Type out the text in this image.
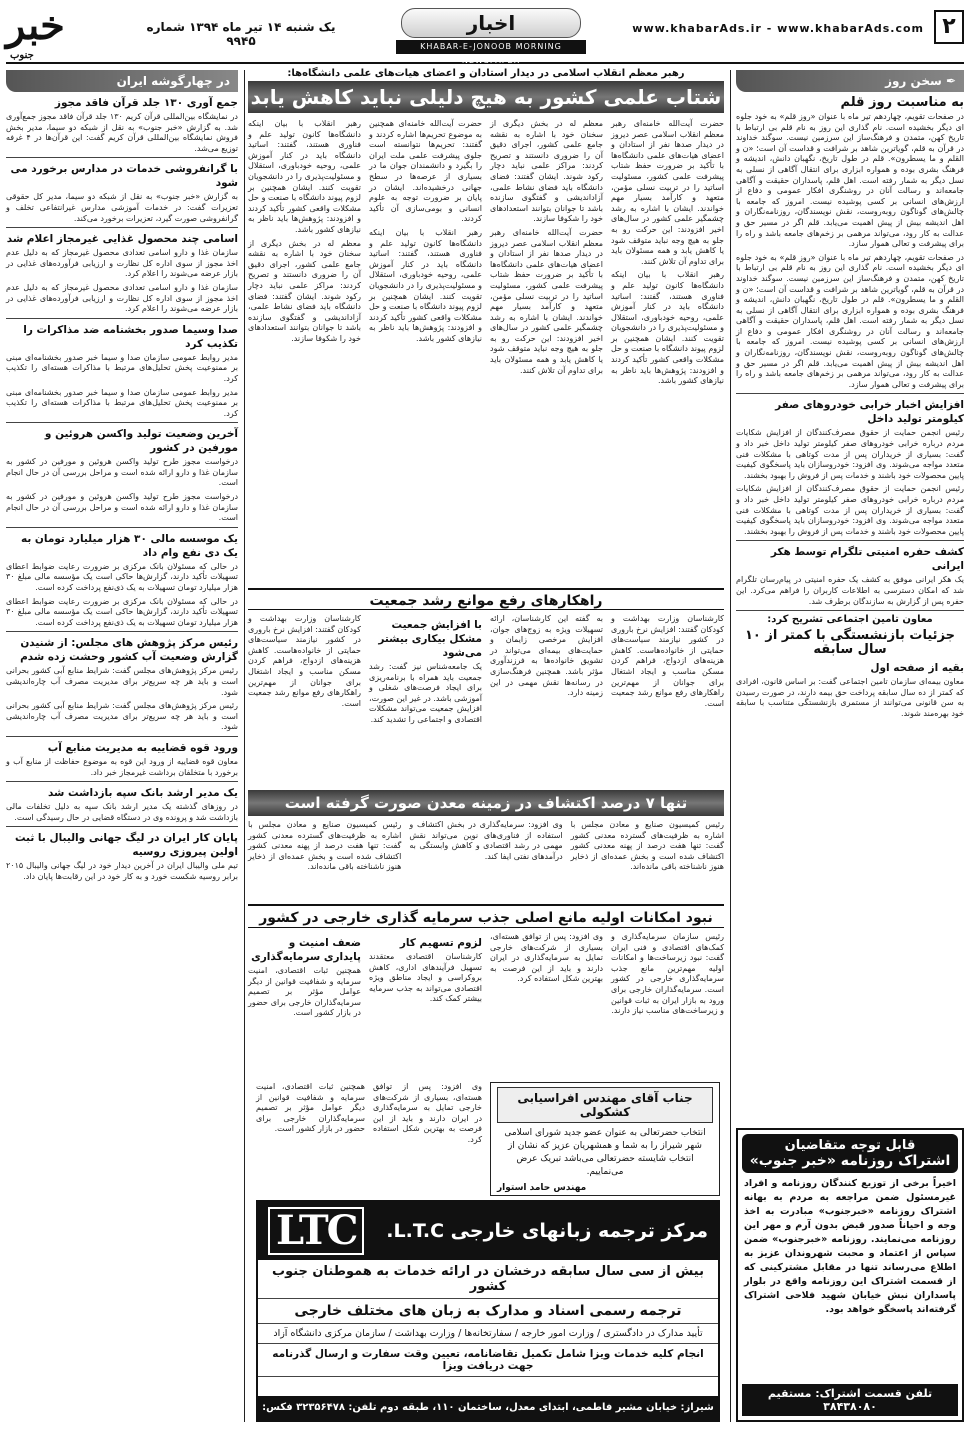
خبر
جنوب
یک شنبه ۱۴ تیر ماه ۱۳۹۴ شماره ۹۹۴۵
اخبار
KHABAR-E-JONOOB MORNING NEWSPAPER
www.khabarAds.ir - www.khabarAds.com ۲
✒ سخن روز
به مناسبت روز قلم

در صفحات تقویم، چهاردهم تیر ماه با عنوان «روز قلم» به خود جلوه ای دیگر بخشیده است. نام گذاری این روز به نام قلم بی ارتباط با تاریخ کهن، متمدن و فرهنگ‌ساز این سرزمین نیست. سوگند خداوند در قرآن به قلم، گویاترین شاهد بر شرافت و قداست آن است؛ «ن و القلم و ما یسطرون». قلم در طول تاریخ، نگهبان دانش، اندیشه و فرهنگ بشری بوده و همواره ابزاری برای انتقال آگاهی از نسلی به نسل دیگر به شمار رفته است. اهل قلم، پاسداران حقیقت و آگاهی جامعه‌اند و رسالت آنان در روشنگری افکار عمومی و دفاع از ارزش‌های انسانی بر کسی پوشیده نیست. امروز که جامعه با چالش‌های گوناگون روبه‌روست، نقش نویسندگان، روزنامه‌نگاران و اهل اندیشه بیش از پیش اهمیت می‌یابد. قلم اگر در مسیر حق و عدالت به کار رود، می‌تواند مرهمی بر زخم‌های جامعه باشد و راه را برای پیشرفت و تعالی هموار سازد.

در صفحات تقویم، چهاردهم تیر ماه با عنوان «روز قلم» به خود جلوه ای دیگر بخشیده است. نام گذاری این روز به نام قلم بی ارتباط با تاریخ کهن، متمدن و فرهنگ‌ساز این سرزمین نیست. سوگند خداوند در قرآن به قلم، گویاترین شاهد بر شرافت و قداست آن است؛ «ن و القلم و ما یسطرون». قلم در طول تاریخ، نگهبان دانش، اندیشه و فرهنگ بشری بوده و همواره ابزاری برای انتقال آگاهی از نسلی به نسل دیگر به شمار رفته است. اهل قلم، پاسداران حقیقت و آگاهی جامعه‌اند و رسالت آنان در روشنگری افکار عمومی و دفاع از ارزش‌های انسانی بر کسی پوشیده نیست. امروز که جامعه با چالش‌های گوناگون روبه‌روست، نقش نویسندگان، روزنامه‌نگاران و اهل اندیشه بیش از پیش اهمیت می‌یابد. قلم اگر در مسیر حق و عدالت به کار رود، می‌تواند مرهمی بر زخم‌های جامعه باشد و راه را برای پیشرفت و تعالی هموار سازد.

افزایش اخبار خرابی خودروهای صفر کیلومتر تولید داخل

رئیس انجمن حمایت از حقوق مصرف‌کنندگان از افزایش شکایات مردم درباره خرابی خودروهای صفر کیلومتر تولید داخل خبر داد و گفت: بسیاری از خریداران پس از مدت کوتاهی با مشکلات فنی متعدد مواجه می‌شوند. وی افزود: خودروسازان باید پاسخگوی کیفیت پایین محصولات خود باشند و خدمات پس از فروش را بهبود بخشند.

رئیس انجمن حمایت از حقوق مصرف‌کنندگان از افزایش شکایات مردم درباره خرابی خودروهای صفر کیلومتر تولید داخل خبر داد و گفت: بسیاری از خریداران پس از مدت کوتاهی با مشکلات فنی متعدد مواجه می‌شوند. وی افزود: خودروسازان باید پاسخگوی کیفیت پایین محصولات خود باشند و خدمات پس از فروش را بهبود بخشند.

کشف حفره امنیتی تلگرام توسط هکر ایرانی

یک هکر ایرانی موفق به کشف یک حفره امنیتی در پیام‌رسان تلگرام شد که امکان دسترسی به اطلاعات کاربران را فراهم می‌کرد. این حفره پس از گزارش به سازندگان برطرف شد.

معاون تامین اجتماعی تشریح کرد:
جزئیات بازنشستگی با کمتر از ۱۰ سال سابقه
بقیه از صفحه اول

معاون بیمه‌ای سازمان تامین اجتماعی گفت: بر اساس قانون، افرادی که کمتر از ده سال سابقه پرداخت حق بیمه دارند، در صورت رسیدن به سن قانونی می‌توانند از مستمری بازنشستگی متناسب با سابقه خود بهره‌مند شوند.

رهبر معظم انقلاب اسلامی در دیدار استادان و اعضای هیات‌های علمی دانشگاه‌ها:
شتاب علمی کشور به هیچ دلیلی نباید کاهش یابد

حضرت آیت‌الله خامنه‌ای رهبر معظم انقلاب اسلامی عصر دیروز در دیدار صدها نفر از استادان و اعضای هیات‌های علمی دانشگاه‌ها با تأکید بر ضرورت حفظ شتاب پیشرفت علمی کشور، مسئولیت اساتید را در تربیت نسلی مؤمن، متعهد و کارآمد بسیار مهم خواندند. ایشان با اشاره به رشد چشمگیر علمی کشور در سال‌های اخیر افزودند: این حرکت رو به جلو به هیچ وجه نباید متوقف شود یا کاهش یابد و همه مسئولان باید برای تداوم آن تلاش کنند.

رهبر انقلاب با بیان اینکه دانشگاه‌ها کانون تولید علم و فناوری هستند، گفتند: اساتید دانشگاه باید در کنار آموزش علمی، روحیه خودباوری، استقلال و مسئولیت‌پذیری را در دانشجویان تقویت کنند. ایشان همچنین بر لزوم پیوند دانشگاه با صنعت و حل مشکلات واقعی کشور تأکید کردند و افزودند: پژوهش‌ها باید ناظر به نیازهای کشور باشد.

معظم له در بخش دیگری از سخنان خود با اشاره به نقشه جامع علمی کشور، اجرای دقیق آن را ضروری دانستند و تصریح کردند: مراکز علمی نباید دچار رکود شوند. ایشان گفتند: فضای دانشگاه باید فضای نشاط علمی، آزاداندیشی و گفتگوی سازنده باشد تا جوانان بتوانند استعدادهای خود را شکوفا سازند.

حضرت آیت‌الله خامنه‌ای رهبر معظم انقلاب اسلامی عصر دیروز در دیدار صدها نفر از استادان و اعضای هیات‌های علمی دانشگاه‌ها با تأکید بر ضرورت حفظ شتاب پیشرفت علمی کشور، مسئولیت اساتید را در تربیت نسلی مؤمن، متعهد و کارآمد بسیار مهم خواندند. ایشان با اشاره به رشد چشمگیر علمی کشور در سال‌های اخیر افزودند: این حرکت رو به جلو به هیچ وجه نباید متوقف شود یا کاهش یابد و همه مسئولان باید برای تداوم آن تلاش کنند.

حضرت آیت‌الله خامنه‌ای همچنین به موضوع تحریم‌ها اشاره کردند و گفتند: تحریم‌ها نتوانسته است جلوی پیشرفت علمی ملت ایران را بگیرد و دانشمندان جوان ما در بسیاری از عرصه‌ها در سطح جهانی درخشیده‌اند. ایشان در پایان بر ضرورت توجه به علوم انسانی و بومی‌سازی آن تأکید کردند.

رهبر انقلاب با بیان اینکه دانشگاه‌ها کانون تولید علم و فناوری هستند، گفتند: اساتید دانشگاه باید در کنار آموزش علمی، روحیه خودباوری، استقلال و مسئولیت‌پذیری را در دانشجویان تقویت کنند. ایشان همچنین بر لزوم پیوند دانشگاه با صنعت و حل مشکلات واقعی کشور تأکید کردند و افزودند: پژوهش‌ها باید ناظر به نیازهای کشور باشد.

رهبر انقلاب با بیان اینکه دانشگاه‌ها کانون تولید علم و فناوری هستند، گفتند: اساتید دانشگاه باید در کنار آموزش علمی، روحیه خودباوری، استقلال و مسئولیت‌پذیری را در دانشجویان تقویت کنند. ایشان همچنین بر لزوم پیوند دانشگاه با صنعت و حل مشکلات واقعی کشور تأکید کردند و افزودند: پژوهش‌ها باید ناظر به نیازهای کشور باشد.

معظم له در بخش دیگری از سخنان خود با اشاره به نقشه جامع علمی کشور، اجرای دقیق آن را ضروری دانستند و تصریح کردند: مراکز علمی نباید دچار رکود شوند. ایشان گفتند: فضای دانشگاه باید فضای نشاط علمی، آزاداندیشی و گفتگوی سازنده باشد تا جوانان بتوانند استعدادهای خود را شکوفا سازند.

راهکارهای رفع موانع رشد جمعیت

کارشناسان وزارت بهداشت و کودکان گفتند: افزایش نرخ باروری در کشور نیازمند سیاست‌های حمایتی از خانواده‌هاست. کاهش هزینه‌های ازدواج، فراهم کردن مسکن مناسب و ایجاد اشتغال برای جوانان از مهم‌ترین راهکارهای رفع موانع رشد جمعیت است.

به گفته این کارشناسان، ارائه تسهیلات ویژه به زوج‌های جوان، افزایش مرخصی زایمان و حمایت‌های بیمه‌ای می‌تواند در تشویق خانواده‌ها به فرزندآوری مؤثر باشد. همچنین فرهنگ‌سازی در رسانه‌ها نقش مهمی در این زمینه دارد.

با افزایش جمعیت مشکل بیکاری بیشتر می‌شود

یک جامعه‌شناس نیز گفت: رشد جمعیت باید همراه با برنامه‌ریزی برای ایجاد فرصت‌های شغلی و آموزشی باشد. در غیر این صورت، افزایش جمعیت می‌تواند مشکلات اقتصادی و اجتماعی را تشدید کند.

کارشناسان وزارت بهداشت و کودکان گفتند: افزایش نرخ باروری در کشور نیازمند سیاست‌های حمایتی از خانواده‌هاست. کاهش هزینه‌های ازدواج، فراهم کردن مسکن مناسب و ایجاد اشتغال برای جوانان از مهم‌ترین راهکارهای رفع موانع رشد جمعیت است.

تنها ۷ درصد اکتشاف در زمینه معدن صورت گرفته است

رئیس کمیسیون صنایع و معادن مجلس با اشاره به ظرفیت‌های گسترده معدنی کشور گفت: تنها هفت درصد از پهنه معدنی کشور اکتشاف شده است و بخش عمده‌ای از ذخایر هنوز ناشناخته باقی مانده‌اند.

وی افزود: سرمایه‌گذاری در بخش اکتشاف و استفاده از فناوری‌های نوین می‌تواند نقش مهمی در رشد اقتصادی و کاهش وابستگی به درآمدهای نفتی ایفا کند.

رئیس کمیسیون صنایع و معادن مجلس با اشاره به ظرفیت‌های گسترده معدنی کشور گفت: تنها هفت درصد از پهنه معدنی کشور اکتشاف شده است و بخش عمده‌ای از ذخایر هنوز ناشناخته باقی مانده‌اند.

نبود امکانات اولیه مانع اصلی جذب سرمایه گذاری خارجی در کشور

رئیس سازمان سرمایه‌گذاری و کمک‌های اقتصادی و فنی ایران گفت: نبود زیرساخت‌ها و امکانات اولیه مهم‌ترین مانع جذب سرمایه‌گذاری خارجی در کشور است. سرمایه‌گذاران خارجی برای ورود به بازار ایران به ثبات قوانین و زیرساخت‌های مناسب نیاز دارند.

وی افزود: پس از توافق هسته‌ای، بسیاری از شرکت‌های خارجی تمایل به سرمایه‌گذاری در ایران دارند و باید از این فرصت به بهترین شکل استفاده کرد.

لزوم تسهیم کار

کارشناسان اقتصادی معتقدند تسهیل فرآیندهای اداری، کاهش بروکراسی و ایجاد مناطق ویژه اقتصادی می‌تواند به جذب سرمایه بیشتر کمک کند.

ضعف امنیت و پایداری سرمایه‌گذاری

همچنین ثبات اقتصادی، امنیت سرمایه و شفافیت قوانین از دیگر عوامل مؤثر بر تصمیم سرمایه‌گذاران خارجی برای حضور در بازار کشور است.

وی افزود: پس از توافق هسته‌ای، بسیاری از شرکت‌های خارجی تمایل به سرمایه‌گذاری در ایران دارند و باید از این فرصت به بهترین شکل استفاده کرد.

همچنین ثبات اقتصادی، امنیت سرمایه و شفافیت قوانین از دیگر عوامل مؤثر بر تصمیم سرمایه‌گذاران خارجی برای حضور در بازار کشور است.

جناب آقای مهندس افراسیابی کشکولی
انتخاب حضرتعالی به عنوان عضو جدید شورای اسلامی شهر شیراز را به شما و همشهریان عزیز که نشان از انتخاب شایسته حضرتعالی می‌باشد تبریک عرض می‌نماییم.
مهندس حامد استوار
LTC	مرکز ترجمه زبانهای خارجی L.T.C.
بیش از سی سال سابقه درخشان در ارائه خدمات به هموطنان جنوب کشور
ترجمه رسمی اسناد و مدارک به زبان های مختلف خارجی
تأیید مدارک در دادگستری / وزارت امور خارجه / سفارتخانه‌ها / وزارت بهداشت / سازمان مرکزی دانشگاه آزاد
انجام کلیه خدمات ویزا شامل تکمیل تقاضانامه، تعیین وقت سفارت و ارسال گذرنامه جهت دریافت ویزا
شیراز: خیابان مشیر فاطمی، ابتدای معدل، ساختمان ۱۱۰، طبقه دوم تلفن: ۳۲۳۵۶۴۷۸ فکس: ۳۲۳۵۹۱۹۷
قابل توجه متقاضیان
اشتراک روزنامه «خبر جنوب»
اخیراً برخی از توزیع کنندگان روزنامه و افراد غیرمسئول ضمن مراجعه به مردم به بهانه اشتراک روزنامه «خبرجنوب» مبادرت به اخذ وجه و احیاناً صدور قبض بدون آرم و مهر این روزنامه می‌نمایند. روزنامه «خبرجنوب» ضمن سپاس از اعتماد و محبت شهروندان عزیز به اطلاع می‌رساند تنها در مقابل مشترکینی که از قسمت اشتراک این روزنامه واقع در بلوار پاسداران نبش خیابان شهید فلاحی اشتراک گرفته‌اند پاسخگو خواهد بود.
تلفن قسمت اشتراک: مستقیم ۳۸۴۳۸۰۸۰
در چهارگوشه ایران
جمع آوری ۱۳۰ جلد قرآن فاقد مجوز

در نمایشگاه بین‌المللی قرآن کریم ۱۳۰ جلد قرآن فاقد مجوز جمع‌آوری شد. به گزارش «خبر جنوب» به نقل از شبکه دو سیما، مدیر بخش فروش نمایشگاه بین‌المللی قرآن کریم گفت: این قرآن‌ها در ۴ غرفه توزیع می‌شد.

با گرانفروشی خدمات در مدارس برخورد می شود

به گزارش «خبر جنوب» به نقل از شبکه دو سیما، مدیر کل حقوقی تعزیرات گفت: در خدمات آموزشی مدارس غیرانتفاعی تخلف و گرانفروشی صورت گیرد، تعزیرات برخورد می‌کند.

اسامی چند محصول غذایی غیرمجاز اعلام شد

سازمان غذا و دارو اسامی تعدادی محصول غیرمجاز که به دلیل عدم اخذ مجوز از سوی اداره کل نظارت و ارزیابی فرآورده‌های غذایی در بازار عرضه می‌شوند را اعلام کرد.

سازمان غذا و دارو اسامی تعدادی محصول غیرمجاز که به دلیل عدم اخذ مجوز از سوی اداره کل نظارت و ارزیابی فرآورده‌های غذایی در بازار عرضه می‌شوند را اعلام کرد.

صدا وسیما صدور بخشنامه ضد مذاکرات را تکذیب کرد

مدیر روابط عمومی سازمان صدا و سیما خبر صدور بخشنامه‌ای مبنی بر ممنوعیت پخش تحلیل‌های مرتبط با مذاکرات هسته‌ای را تکذیب کرد.

مدیر روابط عمومی سازمان صدا و سیما خبر صدور بخشنامه‌ای مبنی بر ممنوعیت پخش تحلیل‌های مرتبط با مذاکرات هسته‌ای را تکذیب کرد.

آخرین وضعیت تولید واکسن هروئین و مورفین در کشور

درخواست مجوز طرح تولید واکسن هروئین و مورفین در کشور به سازمان غذا و دارو ارائه شده است و مراحل بررسی آن در حال انجام است.

درخواست مجوز طرح تولید واکسن هروئین و مورفین در کشور به سازمان غذا و دارو ارائه شده است و مراحل بررسی آن در حال انجام است.

یک موسسه مالی ۳۰ هزار میلیارد تومان به یک دی نفع وام داد

در حالی که مسئولان بانک مرکزی بر ضرورت رعایت ضوابط اعطای تسهیلات تأکید دارند، گزارش‌ها حاکی است یک مؤسسه مالی مبلغ ۳۰ هزار میلیارد تومان تسهیلات به یک ذی‌نفع پرداخت کرده است.

در حالی که مسئولان بانک مرکزی بر ضرورت رعایت ضوابط اعطای تسهیلات تأکید دارند، گزارش‌ها حاکی است یک مؤسسه مالی مبلغ ۳۰ هزار میلیارد تومان تسهیلات به یک ذی‌نفع پرداخت کرده است.

رئیس مرکز پژوهش های مجلس: از شنیدن گزارش وضعیت آب کشور وحشت زده شدم

رئیس مرکز پژوهش‌های مجلس گفت: شرایط منابع آبی کشور بحرانی است و باید هر چه سریع‌تر برای مدیریت مصرف آب چاره‌اندیشی شود.

رئیس مرکز پژوهش‌های مجلس گفت: شرایط منابع آبی کشور بحرانی است و باید هر چه سریع‌تر برای مدیریت مصرف آب چاره‌اندیشی شود.

ورود قوه قضاییه به مدیریت منابع آب

معاون قوه قضاییه از ورود این قوه به موضوع حفاظت از منابع آب و برخورد با متخلفان برداشت غیرمجاز خبر داد.

یک مدیر ارشد بانک سپه بازداشت شد

در روزهای گذشته یک مدیر ارشد بانک سپه به دلیل تخلفات مالی بازداشت شد و پرونده وی در دستگاه قضایی در حال رسیدگی است.

پایان کار ایران در لیگ جهانی والیبال با ثبت اولین پیروزی روسیه

تیم ملی والیبال ایران در آخرین دیدار خود در لیگ جهانی والیبال ۲۰۱۵ برابر روسیه شکست خورد و به کار خود در این رقابت‌ها پایان داد.
